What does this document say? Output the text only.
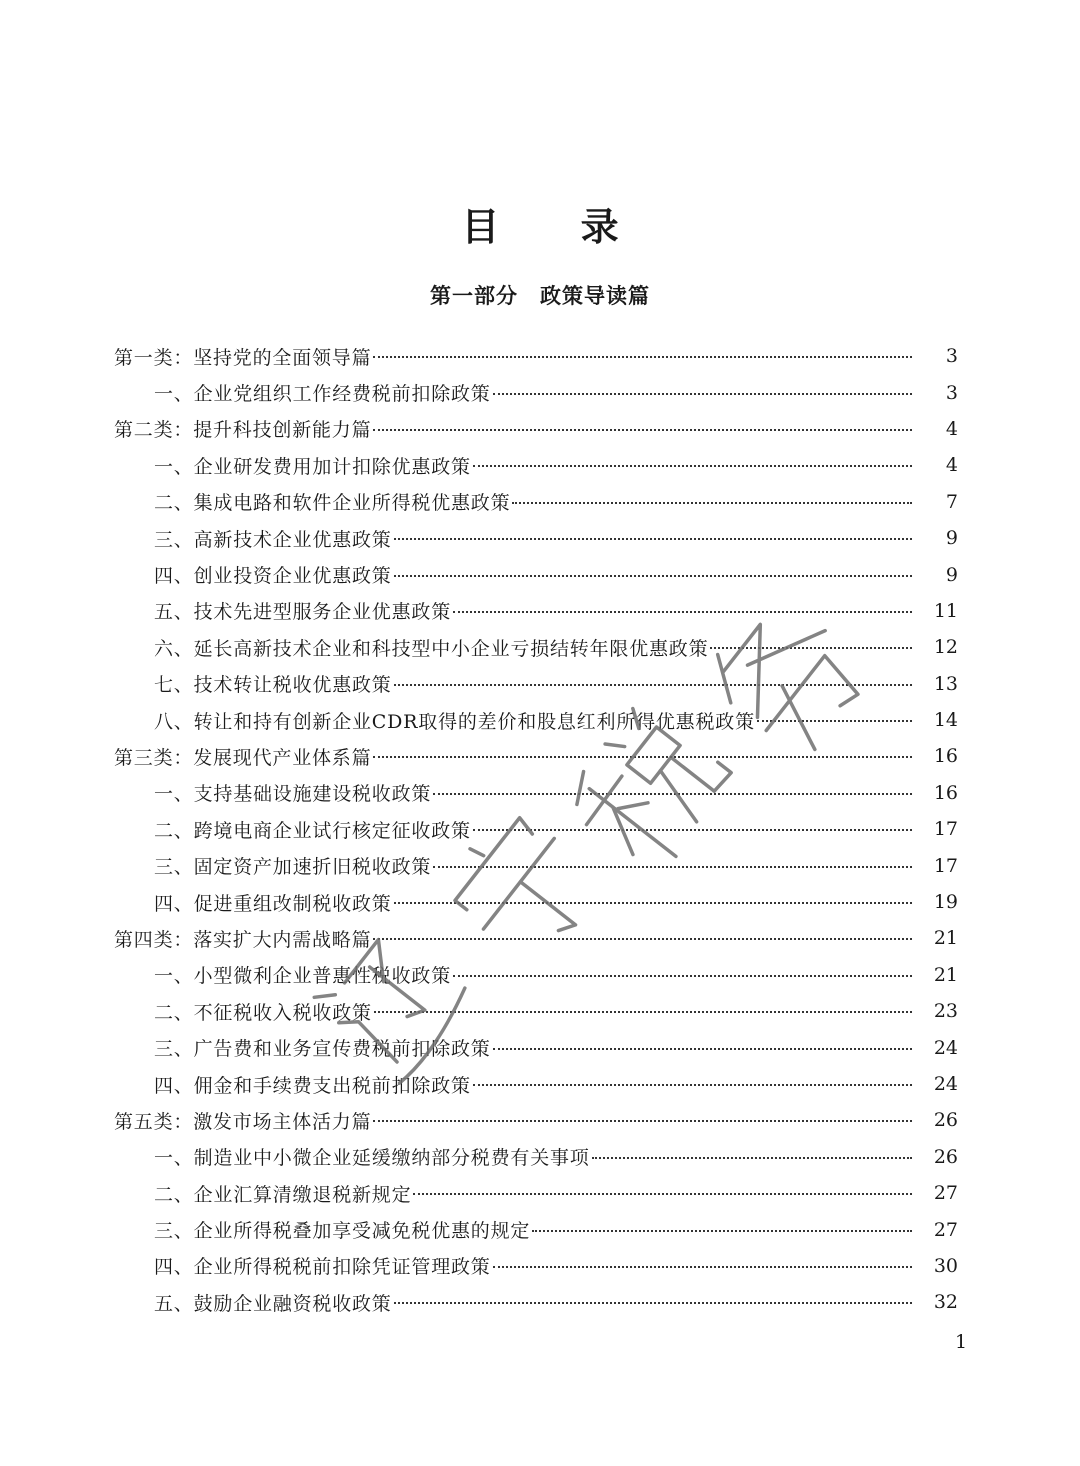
目 录
第一部分　政策导读篇
第一类：坚持党的全面领导篇	3
一、企业党组织工作经费税前扣除政策	3
第二类：提升科技创新能力篇	4
一、企业研发费用加计扣除优惠政策	4
二、集成电路和软件企业所得税优惠政策	7
三、高新技术企业优惠政策	9
四、创业投资企业优惠政策	9
五、技术先进型服务企业优惠政策	11
六、延长高新技术企业和科技型中小企业亏损结转年限优惠政策	12
七、技术转让税收优惠政策	13
八、转让和持有创新企业CDR取得的差价和股息红利所得优惠税政策	14
第三类：发展现代产业体系篇	16
一、支持基础设施建设税收政策	16
二、跨境电商企业试行核定征收政策	17
三、固定资产加速折旧税收政策	17
四、促进重组改制税收政策	19
第四类：落实扩大内需战略篇	21
一、小型微利企业普惠性税收政策	21
二、不征税收入税收政策	23
三、广告费和业务宣传费税前扣除政策	24
四、佣金和手续费支出税前扣除政策	24
第五类：激发市场主体活力篇	26
一、制造业中小微企业延缓缴纳部分税费有关事项	26
二、企业汇算清缴退税新规定	27
三、企业所得税叠加享受减免税优惠的规定	27
四、企业所得税税前扣除凭证管理政策	30
五、鼓励企业融资税收政策	32
1
